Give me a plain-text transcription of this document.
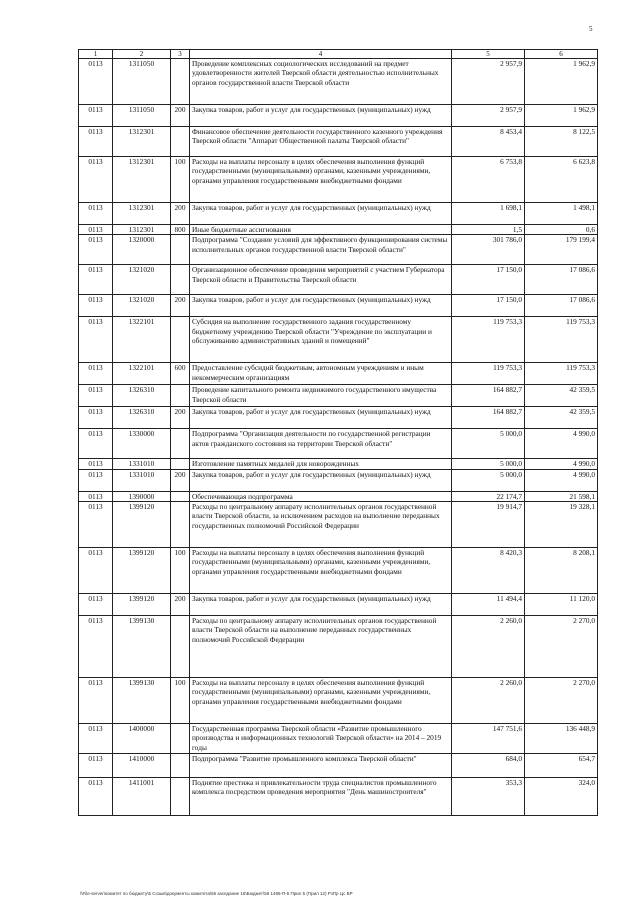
5
1	2	3	4	5	6
0113	1311050		Проведение комплексных социологических исследований на предмет удовлетворенности жителей Тверской области деятельностью исполнительных органов государственной власти Тверской области	2 957,9	1 962,9
0113	1311050	200	Закупка товаров, работ и услуг для государственных (муниципальных) нужд	2 957,9	1 962,9
0113	1312301		Финансовое обеспечение деятельности государственного казенного учреждения Тверской области "Аппарат Общественной палаты Тверской области"	8 453,4	8 122,5
0113	1312301	100	Расходы на выплаты персоналу в целях обеспечения выполнения функций государственными (муниципальными) органами, казенными учреждениями, органами управления государственными внебюджетными фондами	6 753,8	6 623,8
0113	1312301	200	Закупка товаров, работ и услуг для государственных (муниципальных) нужд	1 698,1	1 498,1
0113	1312301	800	Иные бюджетные ассигнования	1,5	0,6
0113	1320000		Подпрограмма "Создание условий для эффективного функционирования системы исполнительных органов государственной власти Тверской области"	301 786,0	179 199,4
0113	1321020		Организационное обеспечение проведения мероприятий с участием Губернатора Тверской области и Правительства Тверской области	17 150,0	17 086,6
0113	1321020	200	Закупка товаров, работ и услуг для государственных (муниципальных) нужд	17 150,0	17 086,6
0113	1322101		Субсидия на выполнение государственного задания государственному бюджетному учреждению Тверской области "Учреждение по эксплуатации и обслуживанию административных зданий и помещений"	119 753,3	119 753,3
0113	1322101	600	Предоставление субсидий бюджетным, автономным учреждениям и иным некоммерческим организациям	119 753,3	119 753,3
0113	1326310		Проведение капитального ремонта недвижимого государственного имущества Тверской области	164 882,7	42 359,5
0113	1326310	200	Закупка товаров, работ и услуг для государственных (муниципальных) нужд	164 882,7	42 359,5
0113	1330000		Подпрограмма "Организация деятельности по государственной регистрации актов гражданского состояния на территории Тверской области"	5 000,0	4 990,0
0113	1331010		Изготовление памятных медалей для новорожденных	5 000,0	4 990,0
0113	1331010	200	Закупка товаров, работ и услуг для государственных (муниципальных) нужд	5 000,0	4 990,0
0113	1390000		Обеспечивающая подпрограмма	22 174,7	21 598,1
0113	1399120		Расходы по центральному аппарату исполнительных органов государственной власти Тверской области, за исключением расходов на выполнение переданных государственных полномочий Российской Федерации	19 914,7	19 328,1
0113	1399120	100	Расходы на выплаты персоналу в целях обеспечения выполнения функций государственными (муниципальными) органами, казенными учреждениями, органами управления государственными внебюджетными фондами	8 420,3	8 208,1
0113	1399120	200	Закупка товаров, работ и услуг для государственных (муниципальных) нужд	11 494,4	11 120,0
0113	1399130		Расходы по центральному аппарату исполнительных органов государственной власти Тверской области на выполнение переданных государственных полномочий Российской Федерации	2 260,0	2 270,0
0113	1399130	100	Расходы на выплаты персоналу в целях обеспечения выполнения функций государственными (муниципальными) органами, казенными учреждениями, органами управления государственными внебюджетными фондами	2 260,0	2 270,0
0113	1400000		Государственная программа Тверской области «Развитие промышленного производства и информационных технологий Тверской области» на 2014 – 2019 годы	147 751,6	136 448,9
0113	1410000		Подпрограмма "Развитие промышленного комплекса Тверской области"	684,0	654,7
0113	1411001		Поднятие престижа и привлекательности труда специалистов промышленного комплекса посредством проведения мероприятия "День машиностроителя"	353,3	324,0
\\File-server\комитет по бюджету\5 Созыв\документы комитета\56 заседание 16\Бюджет\56 1496-П-5 Прил 5 (Прил 12) РзПр Цс ВР
